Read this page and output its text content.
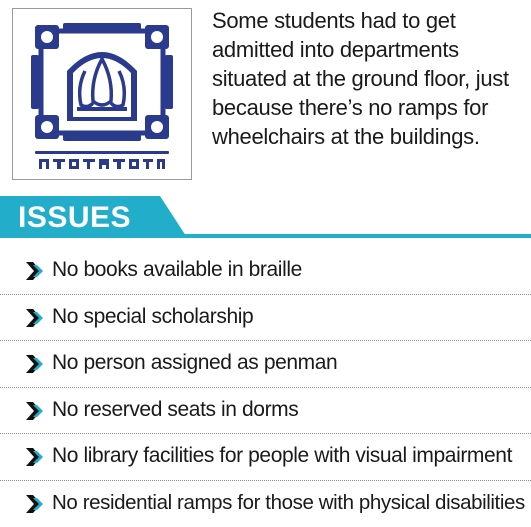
Some students had to get admitted into departments situated at the ground floor, just because there’s no ramps for wheelchairs at the buildings.

ISSUES
No books available in braille
No special scholarship
No person assigned as penman
No reserved seats in dorms
No library facilities for people with visual impairment
No residential ramps for those with physical disabilities
